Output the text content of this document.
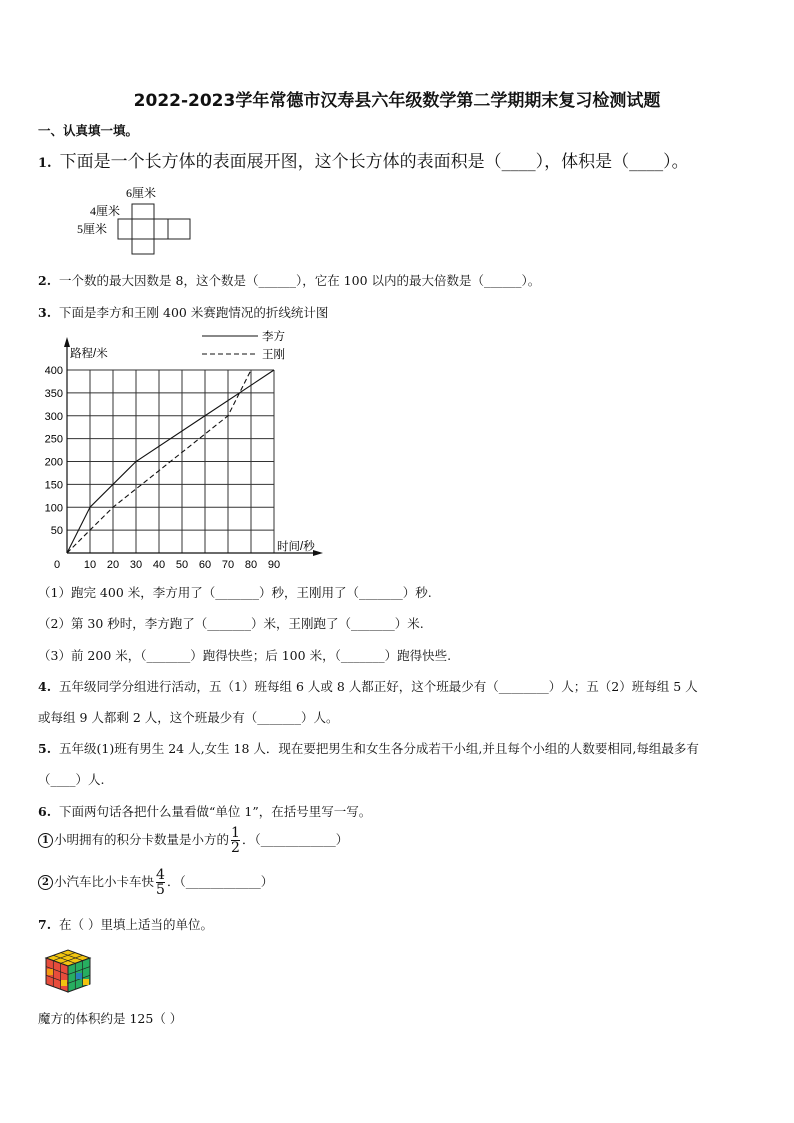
2022-2023学年常德市汉寿县六年级数学第二学期期末复习检测试题
一、认真填一填。
1. 下面是一个长方体的表面展开图，这个长方体的表面积是（____），体积是（____）。
6厘米
4厘米
5厘米
2. 一个数的最大因数是 8，这个数是（______），它在 100 以内的最大倍数是（______）。
3. 下面是李方和王刚 400 米赛跑情况的折线统计图
0 10 20 30 40 50 60 70 80 90
50
100
150
200
250
300
350
400
路程/米
时间/秒
李方
王刚
（1）跑完 400 米，李方用了（_______）秒，王刚用了（_______）秒.
（2）第 30 秒时，李方跑了（_______）米，王刚跑了（_______）米.
（3）前 200 米，（_______）跑得快些；后 100 米，（_______）跑得快些.
4. 五年级同学分组进行活动，五（1）班每组 6 人或 8 人都正好，这个班最少有（________）人；五（2）班每组 5 人
或每组 9 人都剩 2 人，这个班最少有（_______）人。
5. 五年级(1)班有男生 24 人,女生 18 人．现在要把男生和女生各分成若干小组,并且每个小组的人数要相同,每组最多有
（____）人.
6. 下面两句话各把什么量看做“单位 1”，在括号里写一写。
1 小明拥有的积分卡数量是小方的 $\frac{1}{2}$ ．（____________）
2 小汽车比小卡车快 $\frac{4}{5}$ ．（____________）
7. 在（ ）里填上适当的单位。
魔方的体积约是 125（ ）
